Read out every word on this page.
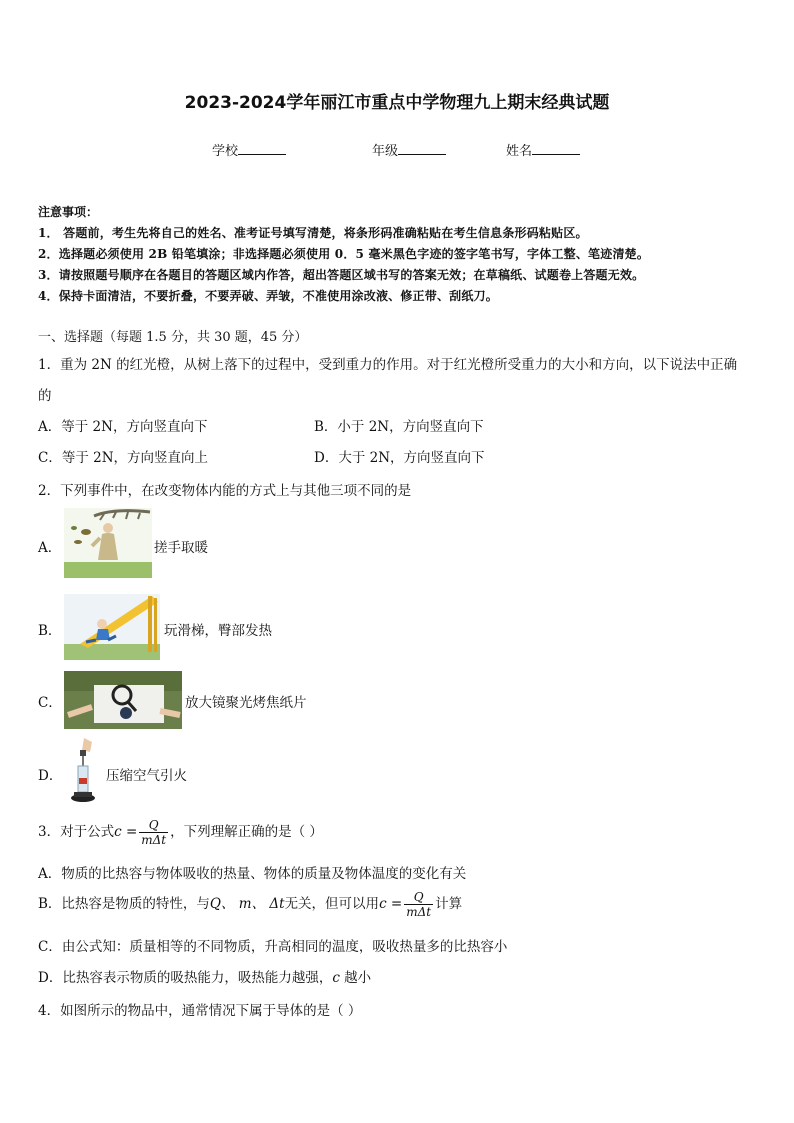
2023-2024学年丽江市重点中学物理九上期末经典试题
学校	年级	姓名
注意事项：
1． 答题前，考生先将自己的姓名、准考证号填写清楚，将条形码准确粘贴在考生信息条形码粘贴区。
2．选择题必须使用 2B 铅笔填涂；非选择题必须使用 0．5 毫米黑色字迹的签字笔书写，字体工整、笔迹清楚。
3．请按照题号顺序在各题目的答题区域内作答，超出答题区域书写的答案无效；在草稿纸、试题卷上答题无效。
4．保持卡面清洁，不要折叠，不要弄破、弄皱，不准使用涂改液、修正带、刮纸刀。
一、选择题（每题 1.5 分，共 30 题，45 分）
1．重为 2N 的红光橙，从树上落下的过程中，受到重力的作用。对于红光橙所受重力的大小和方向，以下说法中正确
的
A．等于 2N，方向竖直向下	B．小于 2N，方向竖直向下
C．等于 2N，方向竖直向上	D．大于 2N，方向竖直向下
2．下列事件中，在改变物体内能的方式上与其他三项不同的是
A．	搓手取暖
B．	玩滑梯，臀部发热
C．	放大镜聚光烤焦纸片
D．	压缩空气引火
3．对于公式$c = \frac{Q}{\text{mΔt}}$ ，下列理解正确的是（ ）
A．物质的比热容与物体吸收的热量、物体的质量及物体温度的变化有关
B．比热容是物质的特性，与Q、 m、 Δt无关，但可以用$c = \frac{Q}{\text{mΔt}}$ 计算
C．由公式知：质量相等的不同物质，升高相同的温度，吸收热量多的比热容小
D．比热容表示物质的吸热能力，吸热能力越强，c 越小
4．如图所示的物品中，通常情况下属于导体的是（ ）
